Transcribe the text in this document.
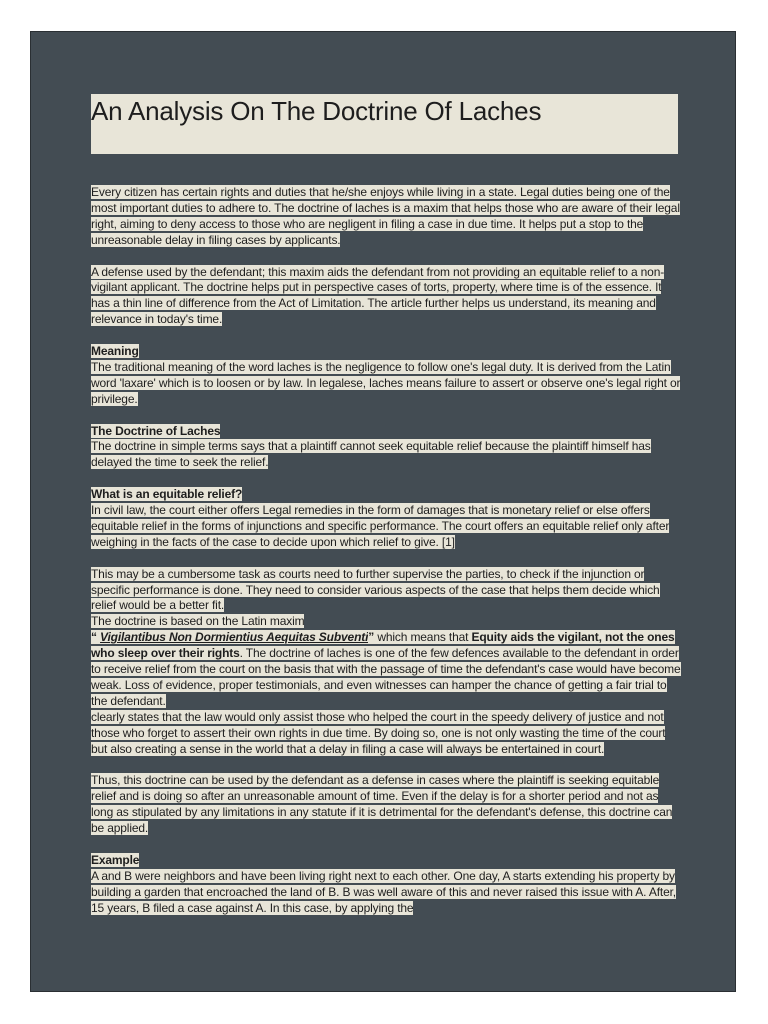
An Analysis On The Doctrine Of Laches

Every citizen has certain rights and duties that he/she enjoys while living in a state. Legal duties being one of the most important duties to adhere to. The doctrine of laches is a maxim that helps those who are aware of their legal right, aiming to deny access to those who are negligent in filing a case in due time. It helps put a stop to the unreasonable delay in filing cases by applicants.

A defense used by the defendant; this maxim aids the defendant from not providing an equitable relief to a non-vigilant applicant. The doctrine helps put in perspective cases of torts, property, where time is of the essence. It has a thin line of difference from the Act of Limitation. The article further helps us understand, its meaning and relevance in today's time.

Meaning
The traditional meaning of the word laches is the negligence to follow one's legal duty. It is derived from the Latin word 'laxare' which is to loosen or by law. In legalese, laches means failure to assert or observe one's legal right or privilege.

The Doctrine of Laches
The doctrine in simple terms says that a plaintiff cannot seek equitable relief because the plaintiff himself has delayed the time to seek the relief.

What is an equitable relief?
In civil law, the court either offers Legal remedies in the form of damages that is monetary relief or else offers equitable relief in the forms of injunctions and specific performance. The court offers an equitable relief only after weighing in the facts of the case to decide upon which relief to give. [1]

This may be a cumbersome task as courts need to further supervise the parties, to check if the injunction or specific performance is done. They need to consider various aspects of the case that helps them decide which relief would be a better fit.
The doctrine is based on the Latin maxim
“ Vigilantibus Non Dormientius Aequitas Subventi” which means that Equity aids the vigilant, not the ones who sleep over their rights. The doctrine of laches is one of the few defences available to the defendant in order to receive relief from the court on the basis that with the passage of time the defendant's case would have become weak. Loss of evidence, proper testimonials, and even witnesses can hamper the chance of getting a fair trial to the defendant.
clearly states that the law would only assist those who helped the court in the speedy delivery of justice and not those who forget to assert their own rights in due time. By doing so, one is not only wasting the time of the court but also creating a sense in the world that a delay in filing a case will always be entertained in court.

Thus, this doctrine can be used by the defendant as a defense in cases where the plaintiff is seeking equitable relief and is doing so after an unreasonable amount of time. Even if the delay is for a shorter period and not as long as stipulated by any limitations in any statute if it is detrimental for the defendant's defense, this doctrine can be applied.

Example
A and B were neighbors and have been living right next to each other. One day, A starts extending his property by building a garden that encroached the land of B. B was well aware of this and never raised this issue with A. After, 15 years, B filed a case against A. In this case, by applying the
